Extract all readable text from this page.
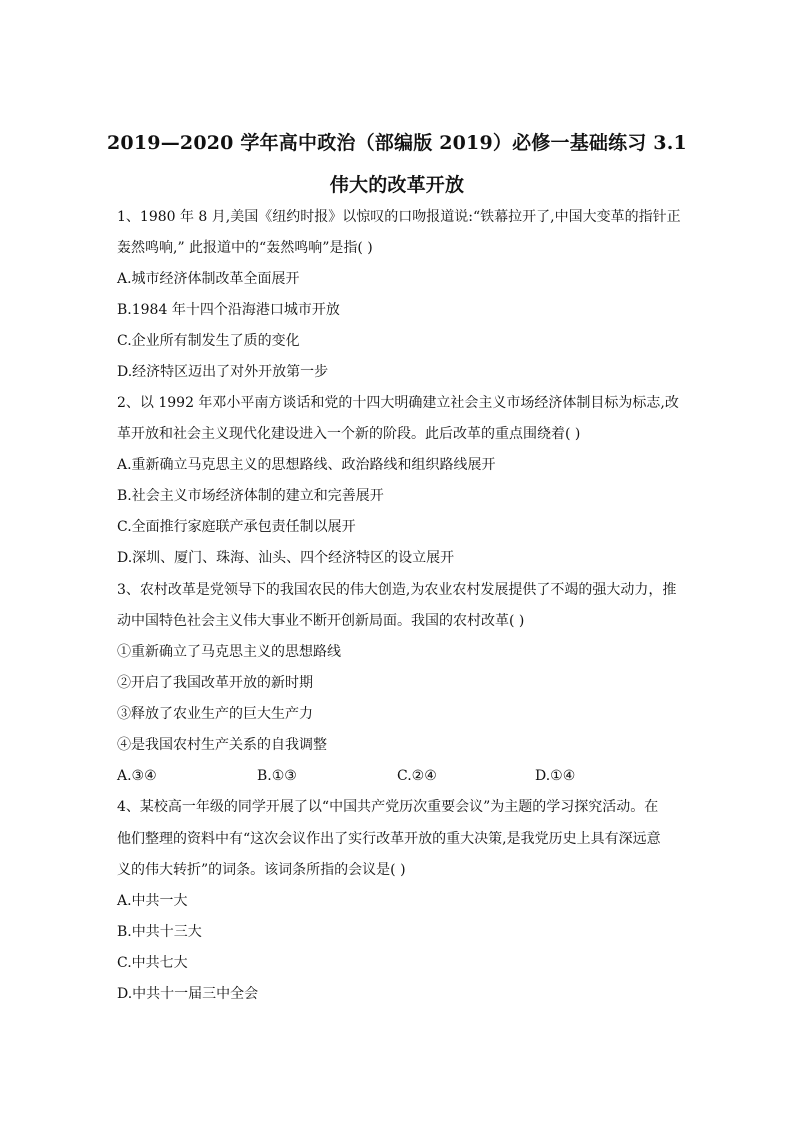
2019—2020 学年高中政治（部编版 2019）必修一基础练习 3.1
伟大的改革开放
1、1980 年 8 月,美国《纽约时报》以惊叹的口吻报道说:“铁幕拉开了,中国大变革的指针正
轰然鸣响,” 此报道中的“轰然鸣响”是指( )
A.城市经济体制改革全面展开
B.1984 年十四个沿海港口城市开放
C.企业所有制发生了质的变化
D.经济特区迈出了对外开放第一步
2、以 1992 年邓小平南方谈话和党的十四大明确建立社会主义市场经济体制目标为标志,改
革开放和社会主义现代化建设进入一个新的阶段。此后改革的重点围绕着( )
A.重新确立马克思主义的思想路线、政治路线和组织路线展开
B.社会主义市场经济体制的建立和完善展开
C.全面推行家庭联产承包责任制以展开
D.深圳、厦门、珠海、汕头、四个经济特区的设立展开
3、农村改革是党领导下的我国农民的伟大创造,为农业农村发展提供了不竭的强大动力，推
动中国特色社会主义伟大事业不断开创新局面。我国的农村改革( )
①重新确立了马克思主义的思想路线
②开启了我国改革开放的新时期
③释放了农业生产的巨大生产力
④是我国农村生产关系的自我调整
A.③④	B.①③	C.②④	D.①④
4、某校高一年级的同学开展了以“中国共产党历次重要会议”为主题的学习探究活动。在
他们整理的资料中有“这次会议作出了实行改革开放的重大决策,是我党历史上具有深远意
义的伟大转折”的词条。该词条所指的会议是( )
A.中共一大
B.中共十三大
C.中共七大
D.中共十一届三中全会
